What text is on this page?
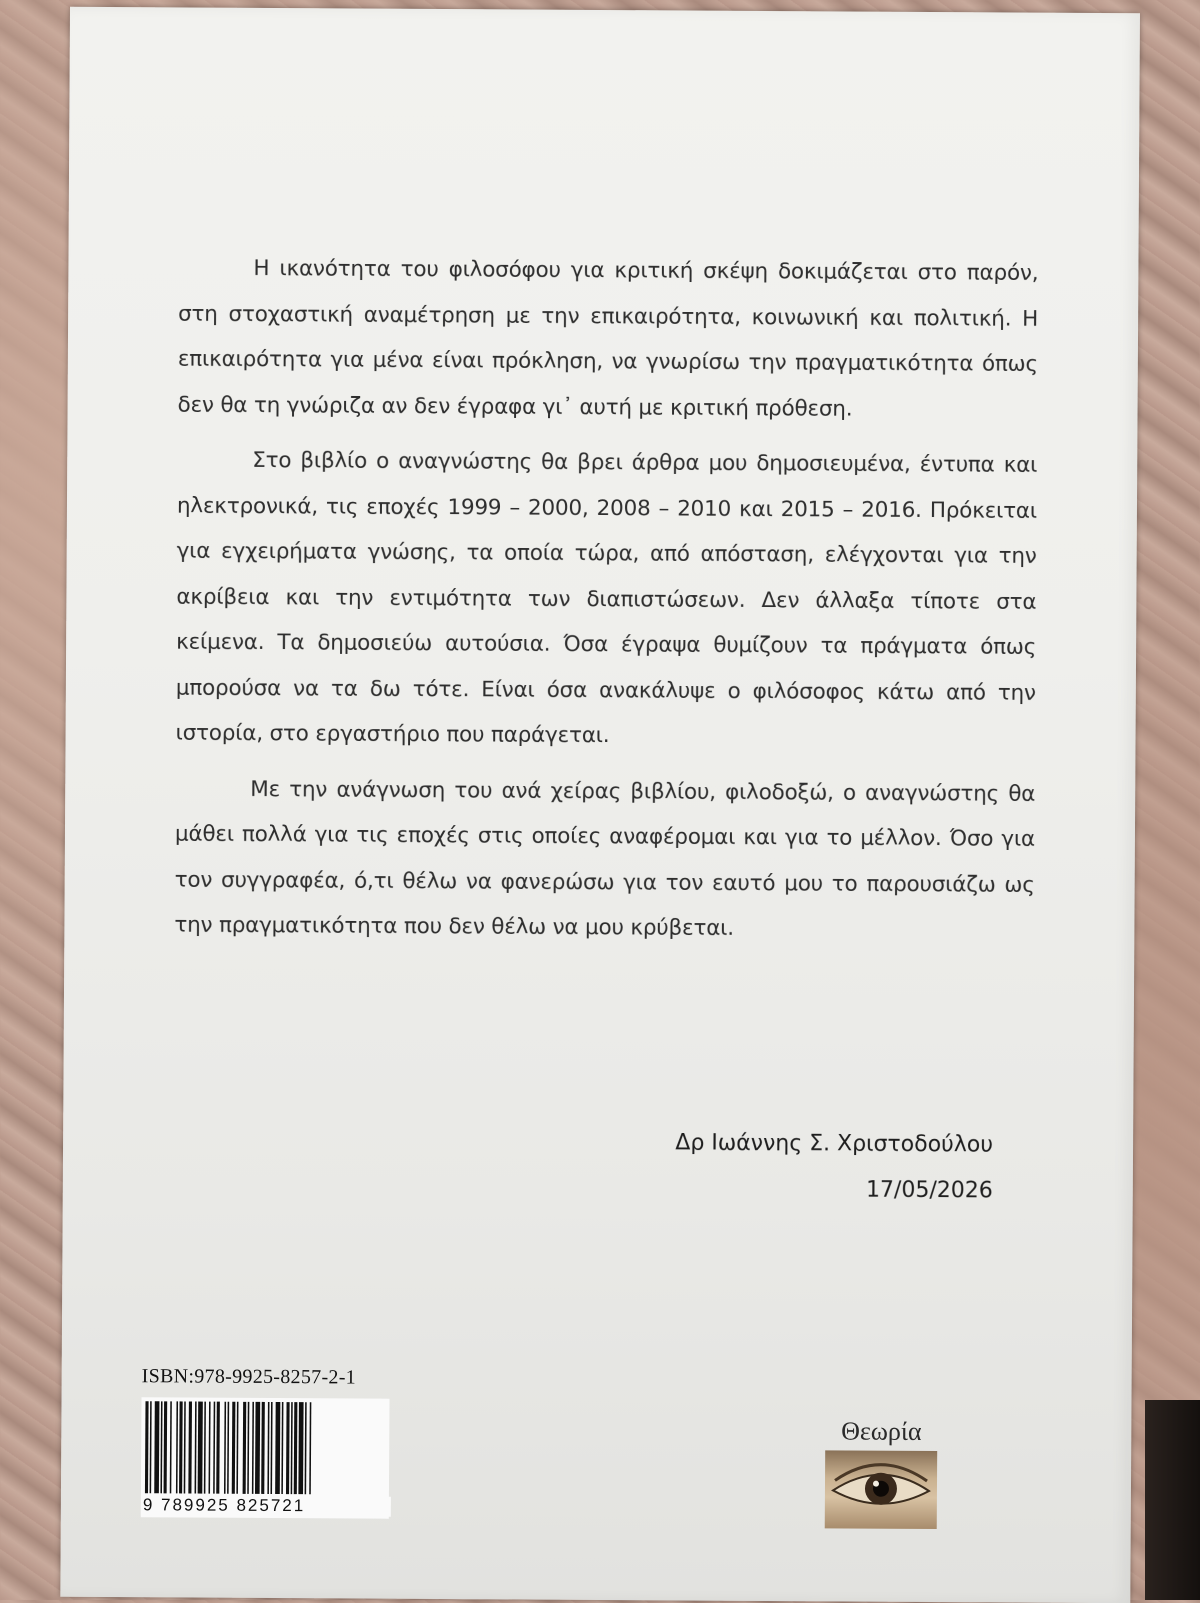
Η ικανότητα του φιλοσόφου για κριτική σκέψη δοκιμάζεται στο παρόν, στη στοχαστική αναμέτρηση με την επικαιρότητα, κοινωνική και πολιτική. Η επικαιρότητα για μένα είναι πρόκληση, να γνωρίσω την πραγματικότητα όπως δεν θα τη γνώριζα αν δεν έγραφα γι᾽ αυτή με κριτική πρόθεση.

Στο βιβλίο ο αναγνώστης θα βρει άρθρα μου δημοσιευμένα, έντυπα και ηλεκτρονικά, τις εποχές 1999 – 2000, 2008 – 2010 και 2015 – 2016. Πρόκειται για εγχειρήματα γνώσης, τα οποία τώρα, από απόσταση, ελέγχονται για την ακρίβεια και την εντιμότητα των διαπιστώσεων. Δεν άλλαξα τίποτε στα κείμενα. Τα δημοσιεύω αυτούσια. Όσα έγραψα θυμίζουν τα πράγματα όπως μπορούσα να τα δω τότε. Είναι όσα ανακάλυψε ο φιλόσοφος κάτω από την ιστορία, στο εργαστήριο που παράγεται.

Με την ανάγνωση του ανά χείρας βιβλίου, φιλοδοξώ, ο αναγνώστης θα μάθει πολλά για τις εποχές στις οποίες αναφέρομαι και για το μέλλον. Όσο για τον συγγραφέα, ό,τι θέλω να φανερώσω για τον εαυτό μου το παρουσιάζω ως την πραγματικότητα που δεν θέλω να μου κρύβεται.

Δρ Ιωάννης Σ. Χριστοδούλου
17/05/2026
ISBN:978-9925-8257-2-1
9 789925 825721
Θεωρία
